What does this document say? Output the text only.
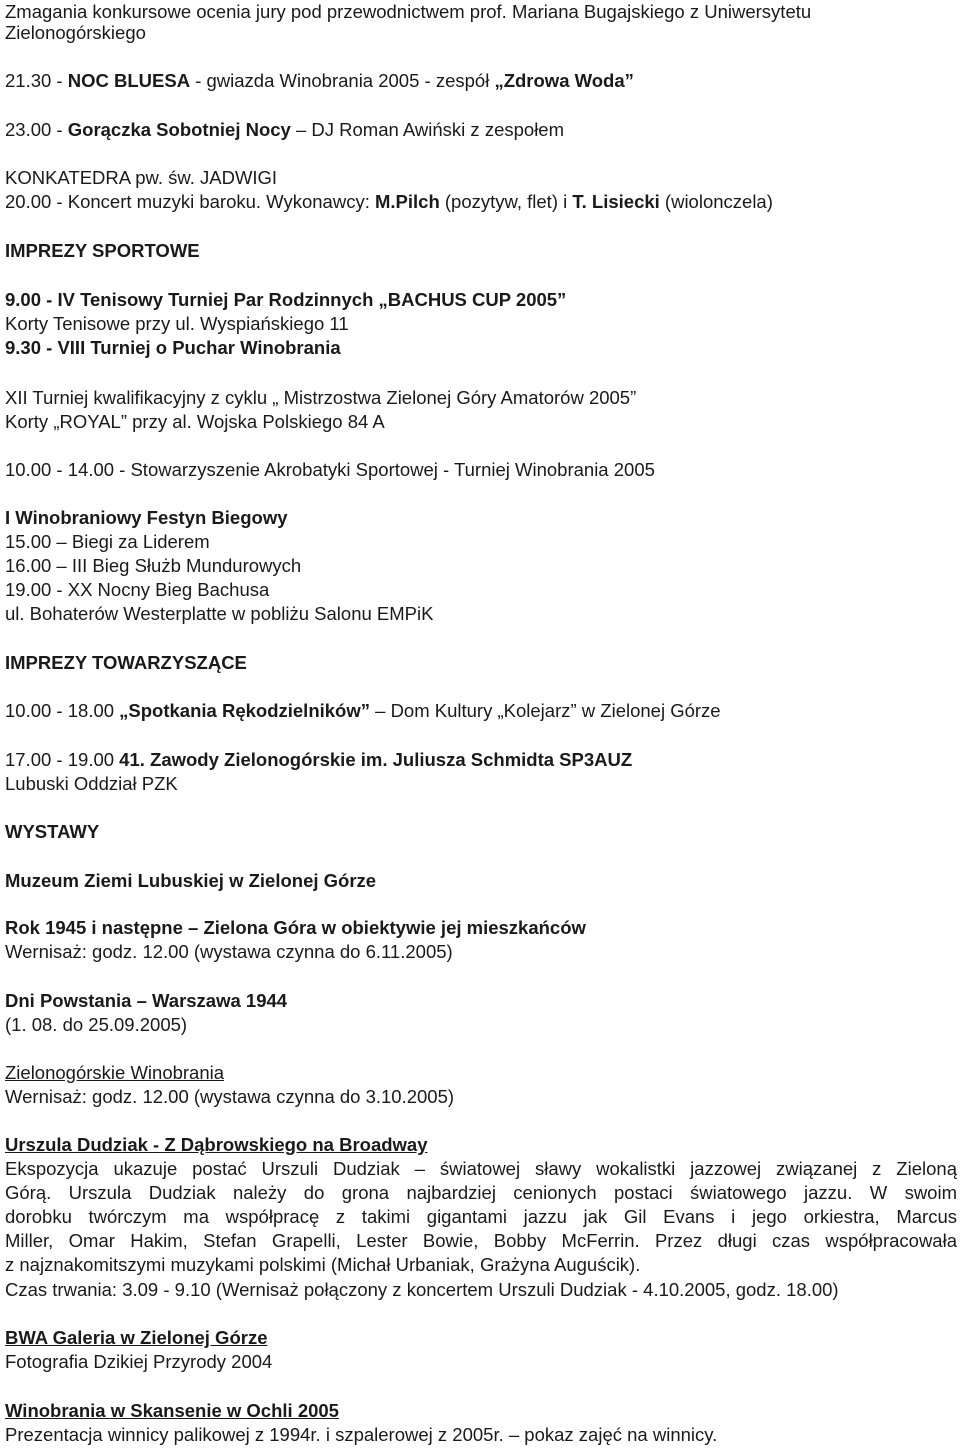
Zmagania konkursowe ocenia jury pod przewodnictwem prof. Mariana Bugajskiego z Uniwersytetu
Zielonogórskiego
21.30 - NOC BLUESA - gwiazda Winobrania 2005 - zespół „Zdrowa Woda”
23.00 - Gorączka Sobotniej Nocy – DJ Roman Awiński z zespołem
KONKATEDRA pw. św. JADWIGI
20.00 - Koncert muzyki baroku. Wykonawcy: M.Pilch (pozytyw, flet) i T. Lisiecki (wiolonczela)
IMPREZY SPORTOWE
9.00 - IV Tenisowy Turniej Par Rodzinnych „BACHUS CUP 2005”
Korty Tenisowe przy ul. Wyspiańskiego 11
9.30 - VIII Turniej o Puchar Winobrania
XII Turniej kwalifikacyjny z cyklu „ Mistrzostwa Zielonej Góry Amatorów 2005”
Korty „ROYAL” przy al. Wojska Polskiego 84 A
10.00 - 14.00 - Stowarzyszenie Akrobatyki Sportowej - Turniej Winobrania 2005
I Winobraniowy Festyn Biegowy
15.00 – Biegi za Liderem
16.00 – III Bieg Służb Mundurowych
19.00 - XX Nocny Bieg Bachusa
ul. Bohaterów Westerplatte w pobliżu Salonu EMPiK
IMPREZY TOWARZYSZĄCE
10.00 - 18.00 „Spotkania Rękodzielników” – Dom Kultury „Kolejarz” w Zielonej Górze
17.00 - 19.00 41. Zawody Zielonogórskie im. Juliusza Schmidta SP3AUZ
Lubuski Oddział PZK
WYSTAWY
Muzeum Ziemi Lubuskiej w Zielonej Górze
Rok 1945 i następne – Zielona Góra w obiektywie jej mieszkańców
Wernisaż: godz. 12.00 (wystawa czynna do 6.11.2005)
Dni Powstania – Warszawa 1944
(1. 08. do 25.09.2005)
Zielonogórskie Winobrania
Wernisaż: godz. 12.00 (wystawa czynna do 3.10.2005)
Urszula Dudziak - Z Dąbrowskiego na Broadway
Ekspozycja ukazuje postać Urszuli Dudziak – światowej sławy wokalistki jazzowej związanej z Zieloną
Górą. Urszula Dudziak należy do grona najbardziej cenionych postaci światowego jazzu. W swoim
dorobku twórczym ma współpracę z takimi gigantami jazzu jak Gil Evans i jego orkiestra, Marcus
Miller, Omar Hakim, Stefan Grapelli, Lester Bowie, Bobby McFerrin. Przez długi czas współpracowała
z najznakomitszymi muzykami polskimi (Michał Urbaniak, Grażyna Auguścik).
Czas trwania: 3.09 - 9.10 (Wernisaż połączony z koncertem Urszuli Dudziak - 4.10.2005, godz. 18.00)
BWA Galeria w Zielonej Górze
Fotografia Dzikiej Przyrody 2004
Winobrania w Skansenie w Ochli 2005
Prezentacja winnicy palikowej z 1994r. i szpalerowej z 2005r. – pokaz zajęć na winnicy.
